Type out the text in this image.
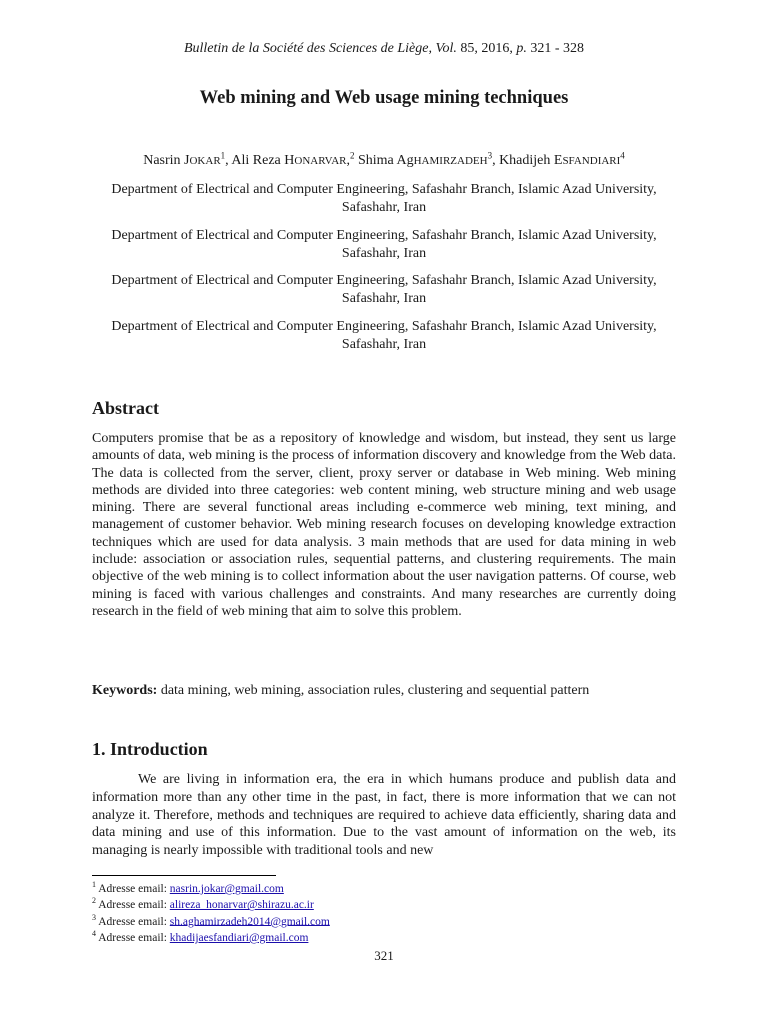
Bulletin de la Société des Sciences de Liège, Vol. 85, 2016, p. 321 - 328
Web mining and Web usage mining techniques
Nasrin JOKAR$^1$, Ali Reza HONARVAR,$^2$ Shima AgHAMIRZADEH$^3$, Khadijeh ESFANDIARI$^4$
Department of Electrical and Computer Engineering, Safashahr Branch, Islamic Azad University, Safashahr, Iran
Department of Electrical and Computer Engineering, Safashahr Branch, Islamic Azad University, Safashahr, Iran
Department of Electrical and Computer Engineering, Safashahr Branch, Islamic Azad University, Safashahr, Iran
Department of Electrical and Computer Engineering, Safashahr Branch, Islamic Azad University, Safashahr, Iran
Abstract
Computers promise that be as a repository of knowledge and wisdom, but instead, they sent us large amounts of data, web mining is the process of information discovery and knowledge from the Web data. The data is collected from the server, client, proxy server or database in Web mining. Web mining methods are divided into three categories: web content mining, web structure mining and web usage mining. There are several functional areas including e-commerce web mining, text mining, and management of customer behavior. Web mining research focuses on developing knowledge extraction techniques which are used for data analysis. 3 main methods that are used for data mining in web include: association or association rules, sequential patterns, and clustering requirements. The main objective of the web mining is to collect information about the user navigation patterns. Of course, web mining is faced with various challenges and constraints. And many researches are currently doing research in the field of web mining that aim to solve this problem.
Keywords: data mining, web mining, association rules, clustering and sequential pattern
1. Introduction
We are living in information era, the era in which humans produce and publish data and information more than any other time in the past, in fact, there is more information that we can not analyze it. Therefore, methods and techniques are required to achieve data efficiently, sharing data and data mining and use of this information. Due to the vast amount of information on the web, its managing is nearly impossible with traditional tools and new
$^1$ Adresse email: nasrin.jokar@gmail.com
$^2$ Adresse email: alireza_honarvar@shirazu.ac.ir
$^3$ Adresse email: sh.aghamirzadeh2014@gmail.com
$^4$ Adresse email: khadijaesfandiari@gmail.com
321
